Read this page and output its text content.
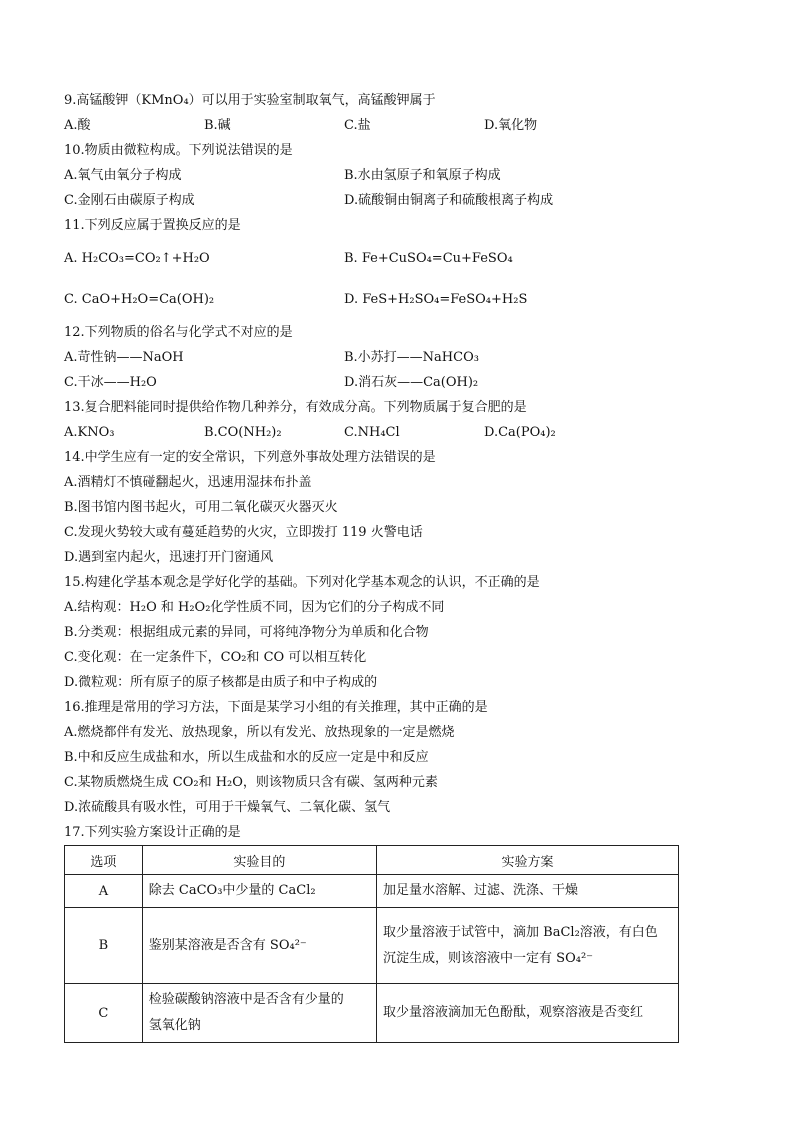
9.高锰酸钾（KMnO₄）可以用于实验室制取氧气，高锰酸钾属于
A.酸	B.碱	C.盐	D.氧化物
10.物质由微粒构成。下列说法错误的是
A.氧气由氧分子构成	B.水由氢原子和氧原子构成
C.金刚石由碳原子构成	D.硫酸铜由铜离子和硫酸根离子构成
11.下列反应属于置换反应的是
A. H₂CO₃=CO₂↑+H₂O	B. Fe+CuSO₄=Cu+FeSO₄
C. CaO+H₂O=Ca(OH)₂	D. FeS+H₂SO₄=FeSO₄+H₂S
12.下列物质的俗名与化学式不对应的是
A.苛性钠——NaOH	B.小苏打——NaHCO₃
C.干冰——H₂O	D.消石灰——Ca(OH)₂
13.复合肥料能同时提供给作物几种养分，有效成分高。下列物质属于复合肥的是
A.KNO₃	B.CO(NH₂)₂	C.NH₄Cl	D.Ca(PO₄)₂
14.中学生应有一定的安全常识，下列意外事故处理方法错误的是
A.酒精灯不慎碰翻起火，迅速用湿抹布扑盖
B.图书馆内图书起火，可用二氧化碳灭火器灭火
C.发现火势较大或有蔓延趋势的火灾，立即拨打 119 火警电话
D.遇到室内起火，迅速打开门窗通风
15.构建化学基本观念是学好化学的基础。下列对化学基本观念的认识，不正确的是
A.结构观：H₂O 和 H₂O₂化学性质不同，因为它们的分子构成不同
B.分类观：根据组成元素的异同，可将纯净物分为单质和化合物
C.变化观：在一定条件下，CO₂和 CO 可以相互转化
D.微粒观：所有原子的原子核都是由质子和中子构成的
16.推理是常用的学习方法，下面是某学习小组的有关推理，其中正确的是
A.燃烧都伴有发光、放热现象，所以有发光、放热现象的一定是燃烧
B.中和反应生成盐和水，所以生成盐和水的反应一定是中和反应
C.某物质燃烧生成 CO₂和 H₂O，则该物质只含有碳、氢两种元素
D.浓硫酸具有吸水性，可用于干燥氧气、二氧化碳、氢气
17.下列实验方案设计正确的是
选项	实验目的	实验方案
A	除去 CaCO₃中少量的 CaCl₂	加足量水溶解、过滤、洗涤、干燥

B	鉴别某溶液是否含有 SO₄²⁻	取少量溶液于试管中，滴加 BaCl₂溶液，有白色
沉淀生成，则该溶液中一定有 SO₄²⁻

C	检验碳酸钠溶液中是否含有少量的
氢氧化钠	取少量溶液滴加无色酚酞，观察溶液是否变红
